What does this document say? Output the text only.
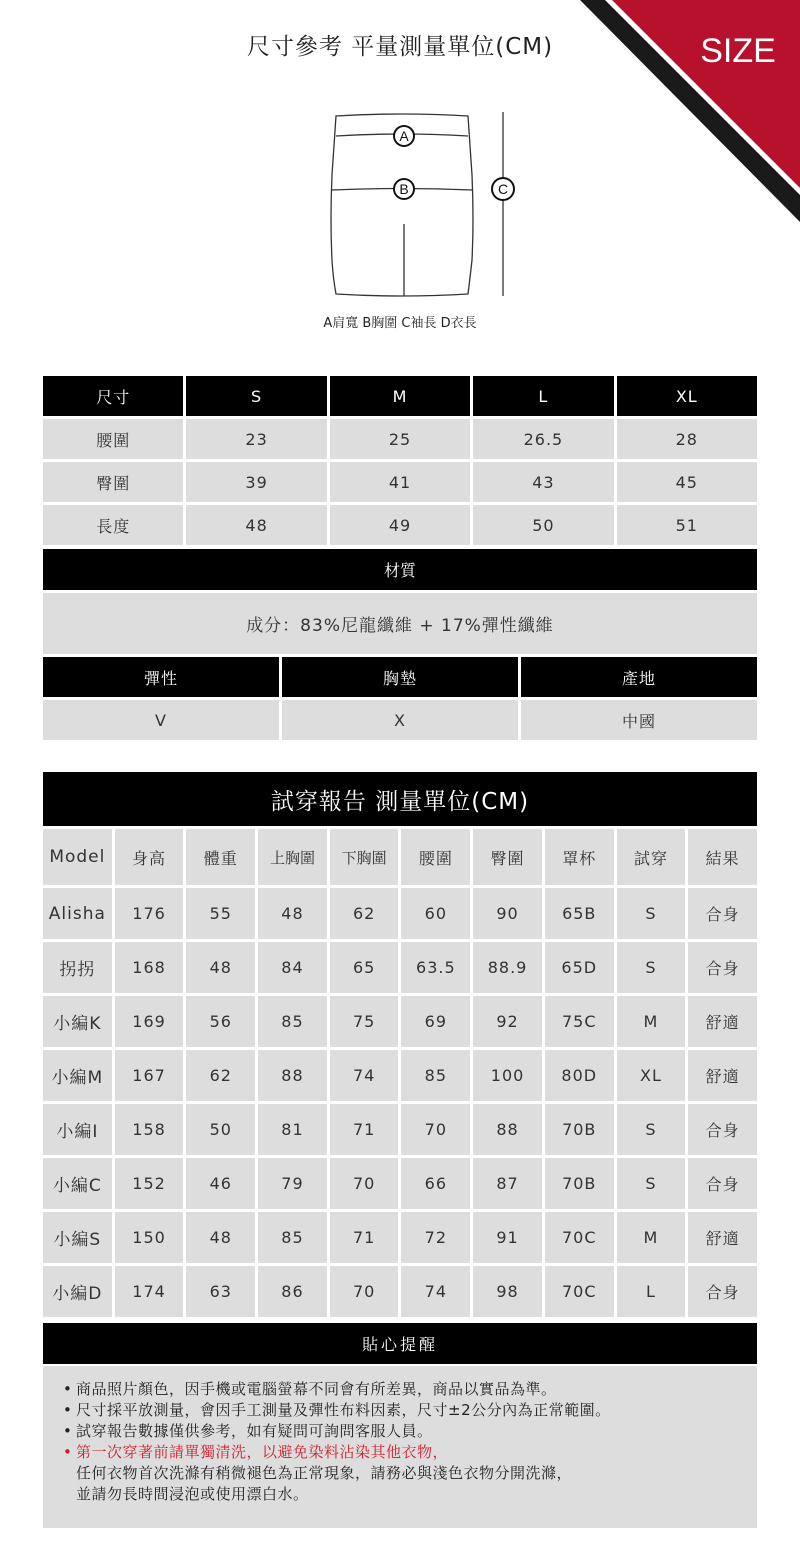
SIZE
尺寸參考 平量測量單位(CM)
A
B	C
A肩寬 B胸圍 C袖長 D衣長
尺寸	S	M	L	XL
腰圍	23	25	26.5	28
臀圍	39	41	43	45
長度	48	49	50	51
材質
成分：83%尼龍纖維 + 17%彈性纖維
彈性	胸墊	產地
V	X	中國
試穿報告 測量單位(CM)
Model	身高	體重	上胸圍	下胸圍	腰圍	臀圍	罩杯	試穿	結果
Alisha	176	55	48	62	60	90	65B	S	合身
拐拐	168	48	84	65	63.5	88.9	65D	S	合身
小編K	169	56	85	75	69	92	75C	M	舒適
小編M	167	62	88	74	85	100	80D	XL	舒適
小編I	158	50	81	71	70	88	70B	S	合身
小編C	152	46	79	70	66	87	70B	S	合身
小編S	150	48	85	71	72	91	70C	M	舒適
小編D	174	63	86	70	74	98	70C	L	合身
貼心提醒
• 商品照片顏色，因手機或電腦螢幕不同會有所差異，商品以實品為準。
• 尺寸採平放測量，會因手工測量及彈性布料因素，尺寸±2公分內為正常範圍。
• 試穿報告數據僅供參考，如有疑問可詢問客服人員。
• 第一次穿著前請單獨清洗，以避免染料沾染其他衣物，
任何衣物首次洗滌有稍微褪色為正常現象，請務必與淺色衣物分開洗滌，
並請勿長時間浸泡或使用漂白水。
